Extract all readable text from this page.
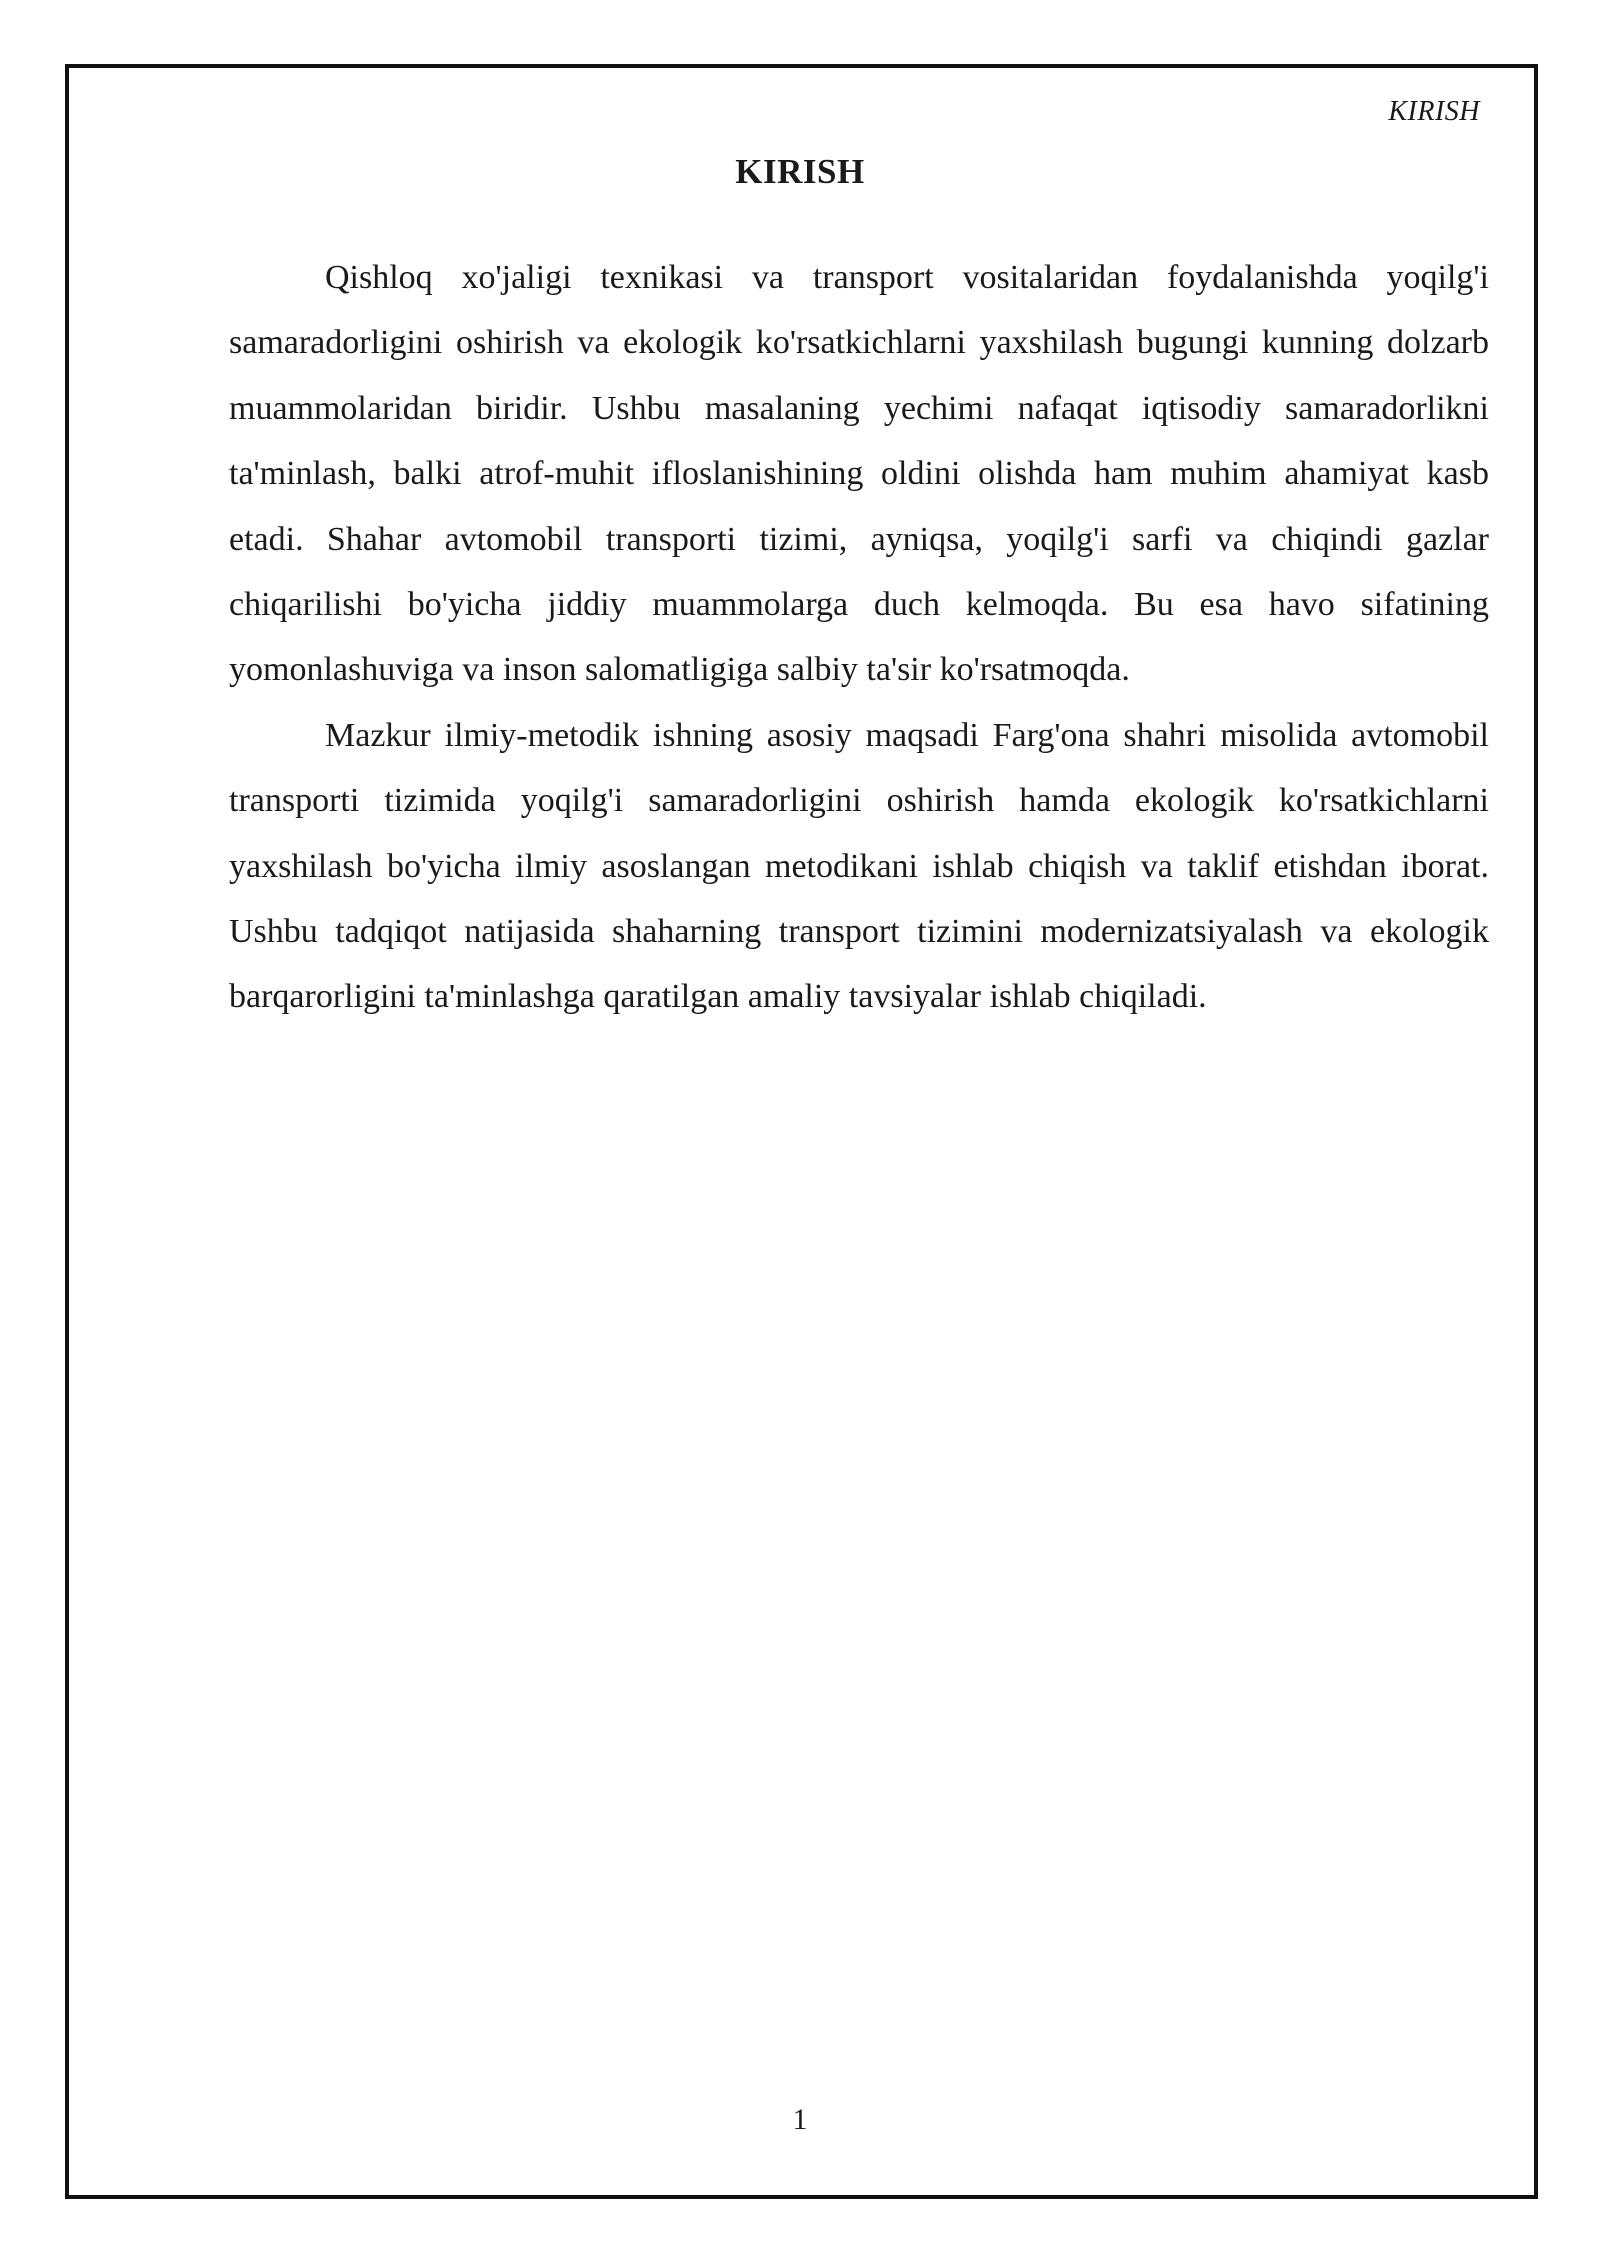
KIRISH
KIRISH

Qishloq xo'jaligi texnikasi va transport vositalaridan foydalanishda yoqilg'i samaradorligini oshirish va ekologik ko'rsatkichlarni yaxshilash bugungi kunning dolzarb muammolaridan biridir. Ushbu masalaning yechimi nafaqat iqtisodiy samaradorlikni ta'minlash, balki atrof-muhit ifloslanishining oldini olishda ham muhim ahamiyat kasb etadi. Shahar avtomobil transporti tizimi, ayniqsa, yoqilg'i sarfi va chiqindi gazlar chiqarilishi bo'yicha jiddiy muammolarga duch kelmoqda. Bu esa havo sifatining yomonlashuviga va inson salomatligiga salbiy ta'sir ko'rsatmoqda.

Mazkur ilmiy-metodik ishning asosiy maqsadi Farg'ona shahri misolida avtomobil transporti tizimida yoqilg'i samaradorligini oshirish hamda ekologik ko'rsatkichlarni yaxshilash bo'yicha ilmiy asoslangan metodikani ishlab chiqish va taklif etishdan iborat. Ushbu tadqiqot natijasida shaharning transport tizimini modernizatsiyalash va ekologik barqarorligini ta'minlashga qaratilgan amaliy tavsiyalar ishlab chiqiladi.

1
